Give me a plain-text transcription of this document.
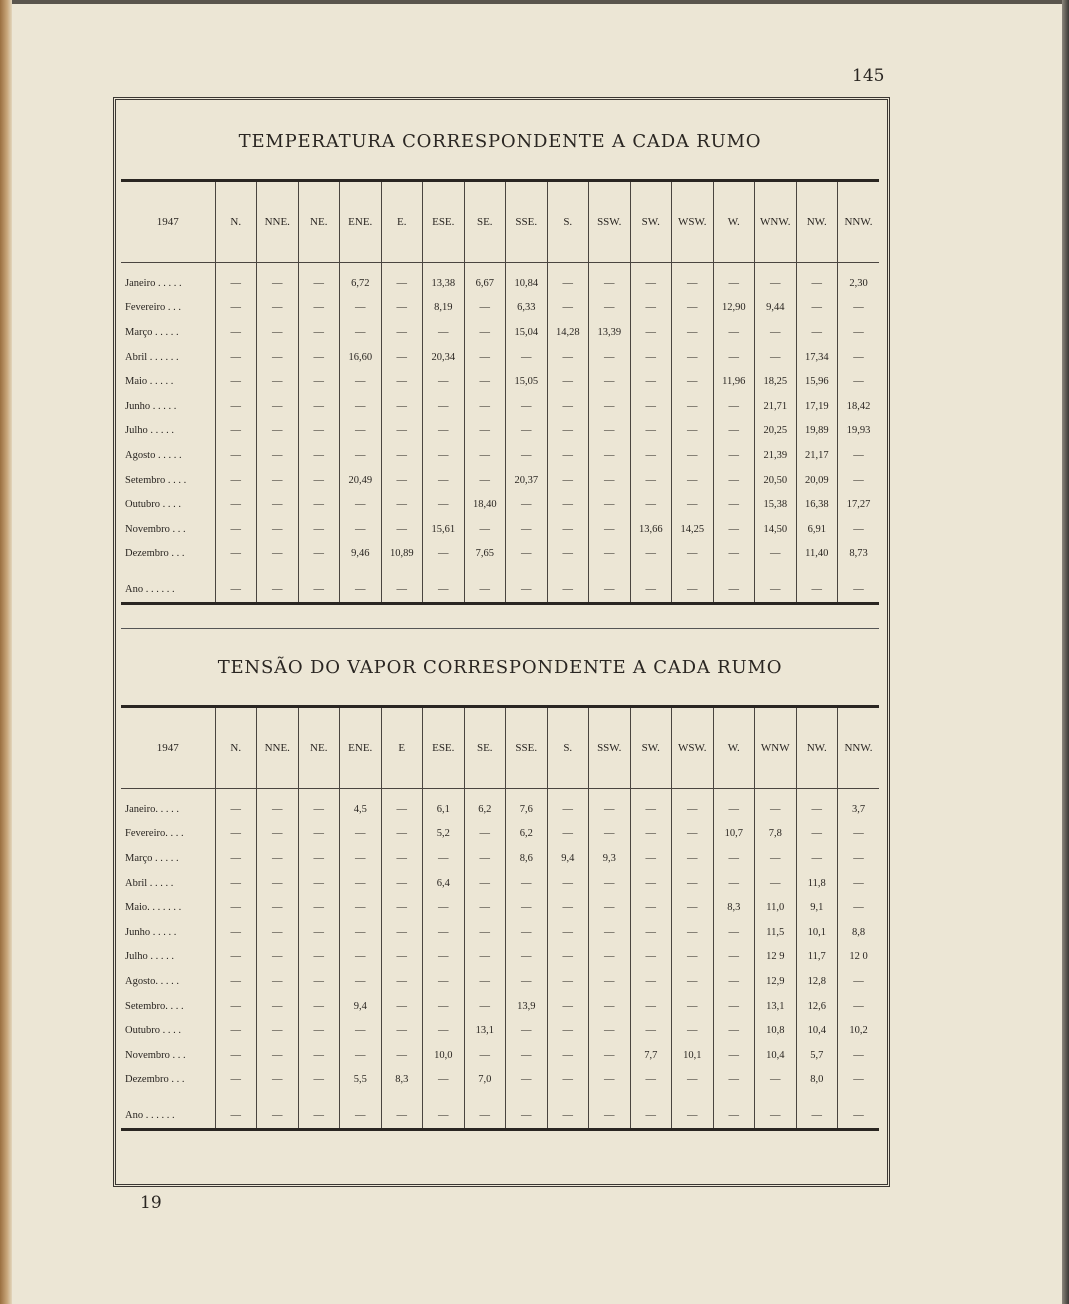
145
TEMPERATURA CORRESPONDENTE A CADA RUMO
1947	N.	NNE.	NE.	ENE.	E.	ESE.	SE.	SSE.	S.	SSW.	SW.	WSW.	W.	WNW.	NW.	NNW.
Janeiro . . . . .	—	—	—	6,72	—	13,38	6,67	10,84	—	—	—	—	—	—	—	2,30
Fevereiro . . .	—	—	—	—	—	8,19	—	6,33	—	—	—	—	12,90	9,44	—	—
Março . . . . .	—	—	—	—	—	—	—	15,04	14,28	13,39	—	—	—	—	—	—
Abril . . . . . .	—	—	—	16,60	—	20,34	—	—	—	—	—	—	—	—	17,34	—
Maio . . . . .	—	—	—	—	—	—	—	15,05	—	—	—	—	11,96	18,25	15,96	—
Junho . . . . .	—	—	—	—	—	—	—	—	—	—	—	—	—	21,71	17,19	18,42
Julho . . . . .	—	—	—	—	—	—	—	—	—	—	—	—	—	20,25	19,89	19,93
Agosto . . . . .	—	—	—	—	—	—	—	—	—	—	—	—	—	21,39	21,17	—
Setembro . . . .	—	—	—	20,49	—	—	—	20,37	—	—	—	—	—	20,50	20,09	—
Outubro . . . .	—	—	—	—	—	—	18,40	—	—	—	—	—	—	15,38	16,38	17,27
Novembro . . .	—	—	—	—	—	15,61	—	—	—	—	13,66	14,25	—	14,50	6,91	—
Dezembro . . .	—	—	—	9,46	10,89	—	7,65	—	—	—	—	—	—	—	11,40	8,73

Ano . . . . . .	—	—	—	—	—	—	—	—	—	—	—	—	—	—	—	—
TENSÃO DO VAPOR CORRESPONDENTE A CADA RUMO
1947	N.	NNE.	NE.	ENE.	E	ESE.	SE.	SSE.	S.	SSW.	SW.	WSW.	W.	WNW	NW.	NNW.
Janeiro. . . . .	—	—	—	4,5	—	6,1	6,2	7,6	—	—	—	—	—	—	—	3,7
Fevereiro. . . .	—	—	—	—	—	5,2	—	6,2	—	—	—	—	10,7	7,8	—	—
Março . . . . .	—	—	—	—	—	—	—	8,6	9,4	9,3	—	—	—	—	—	—
Abril . . . . .	—	—	—	—	—	6,4	—	—	—	—	—	—	—	—	11,8	—
Maio. . . . . . .	—	—	—	—	—	—	—	—	—	—	—	—	8,3	11,0	9,1	—
Junho . . . . .	—	—	—	—	—	—	—	—	—	—	—	—	—	11,5	10,1	8,8
Julho . . . . .	—	—	—	—	—	—	—	—	—	—	—	—	—	12 9	11,7	12 0
Agosto. . . . .	—	—	—	—	—	—	—	—	—	—	—	—	—	12,9	12,8	—
Setembro. . . .	—	—	—	9,4	—	—	—	13,9	—	—	—	—	—	13,1	12,6	—
Outubro . . . .	—	—	—	—	—	—	13,1	—	—	—	—	—	—	10,8	10,4	10,2
Novembro . . .	—	—	—	—	—	10,0	—	—	—	—	7,7	10,1	—	10,4	5,7	—
Dezembro . . .	—	—	—	5,5	8,3	—	7,0	—	—	—	—	—	—	—	8,0	—

Ano . . . . . .	—	—	—	—	—	—	—	—	—	—	—	—	—	—	—	—
19
